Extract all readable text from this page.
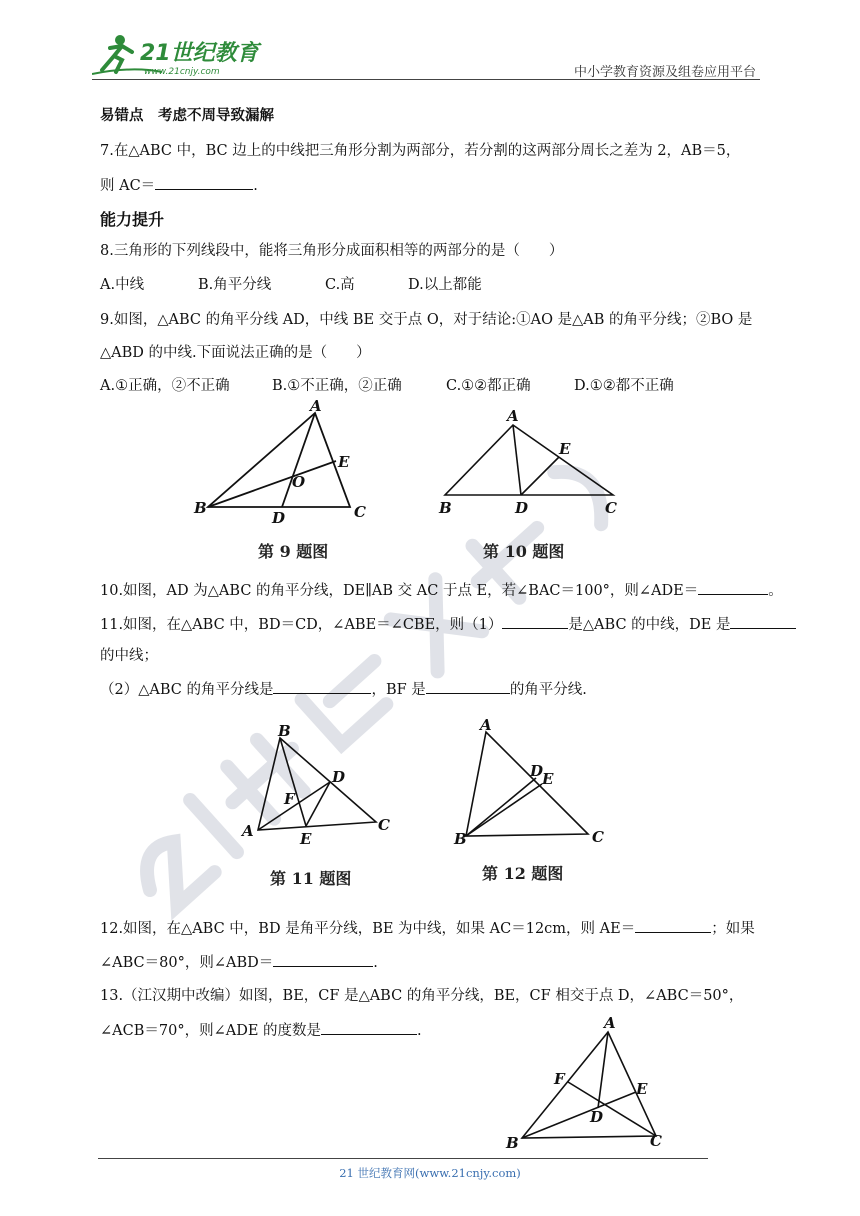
21世纪教育
www.21cnjy.com	中小学教育资源及组卷应用平台
易错点　考虑不周导致漏解
7.在△ABC 中，BC 边上的中线把三角形分割为两部分，若分割的这两部分周长之差为 2，AB＝5，
则 AC＝	.
能力提升
8.三角形的下列线段中，能将三角形分成面积相等的两部分的是（　　）
A.中线	B.角平分线	C.高	D.以上都能
9.如图，△ABC 的角平分线 AD，中线 BE 交于点 O，对于结论:①AO 是△AB 的角平分线；②BO 是
△ABD 的中线.下面说法正确的是（　　）
A.①正确，②不正确	B.①不正确，②正确	C.①②都正确	D.①②都不正确
A
B	C
D
E
O
第 9 题图
A
B	C
D
E
第 10 题图
10.如图，AD 为△ABC 的角平分线，DE∥AB 交 AC 于点 E，若∠BAC＝100°，则∠ADE＝	。
11.如图，在△ABC 中，BD＝CD，∠ABE＝∠CBE，则（1）	是△ABC 的中线，DE 是
的中线；
（2）△ABC 的角平分线是	，BF 是	的角平分线.
B
A	C
D
E
F
第 11 题图
A
B	C
D
E
第 12 题图
12.如图，在△ABC 中，BD 是角平分线，BE 为中线，如果 AC＝12cm，则 AE＝	；如果
∠ABC＝80°，则∠ABD＝	.
13.（江汉期中改编）如图，BE，CF 是△ABC 的角平分线，BE，CF 相交于点 D，∠ABC＝50°，
∠ACB＝70°，则∠ADE 的度数是	.	A
B	C
D
E
F
21 世纪教育网(www.21cnjy.com)
